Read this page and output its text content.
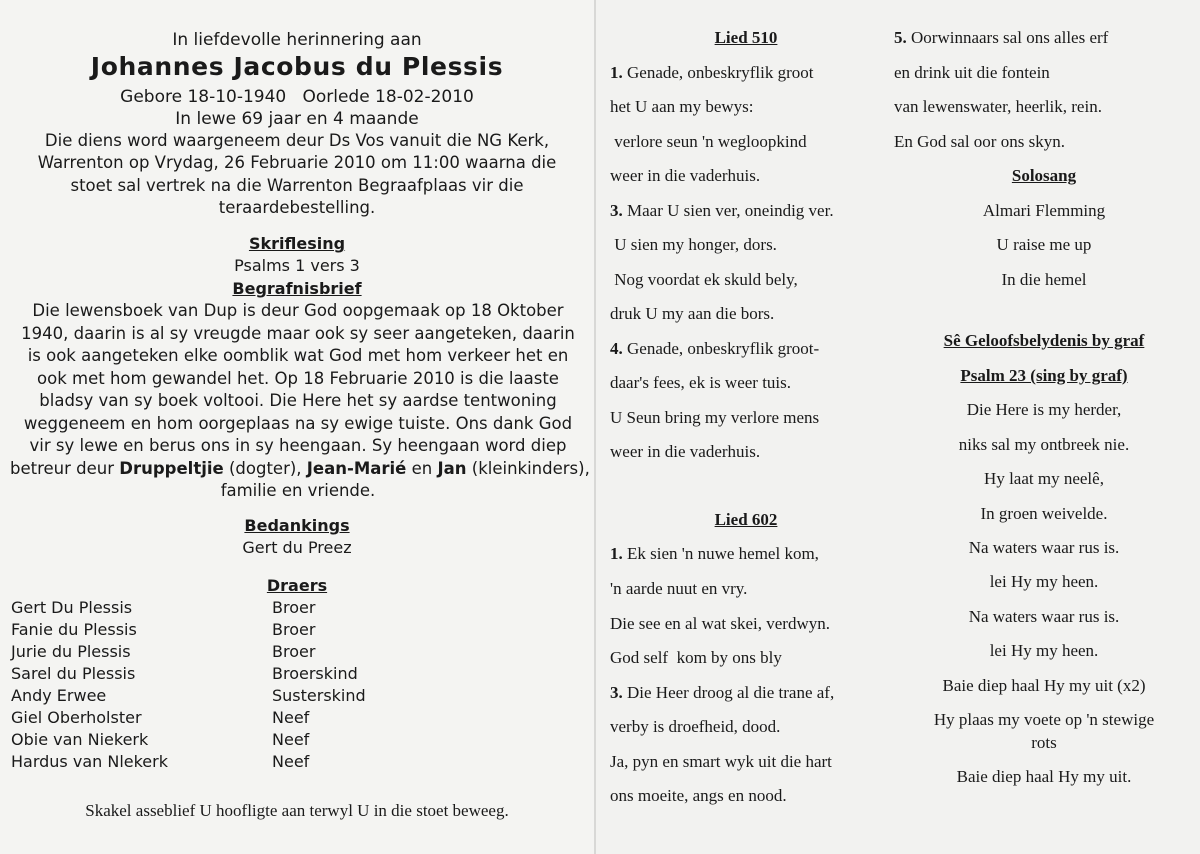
In liefdevolle herinnering aan
Johannes Jacobus du Plessis
Gebore 18-10-1940   Oorlede 18-02-2010
In lewe 69 jaar en 4 maande
Die diens word waargeneem deur Ds Vos vanuit die NG Kerk,
Warrenton op Vrydag, 26 Februarie 2010 om 11:00 waarna die
stoet sal vertrek na die Warrenton Begraafplaas vir die
teraardebestelling.
Skriflesing
Psalms 1 vers 3
Begrafnisbrief
Die lewensboek van Dup is deur God oopgemaak op 18 Oktober
1940, daarin is al sy vreugde maar ook sy seer aangeteken, daarin
is ook aangeteken elke oomblik wat God met hom verkeer het en
ook met hom gewandel het. Op 18 Februarie 2010 is die laaste
bladsy van sy boek voltooi. Die Here het sy aardse tentwoning
weggeneem en hom oorgeplaas na sy ewige tuiste. Ons dank God
vir sy lewe en berus ons in sy heengaan. Sy heengaan word diep
betreur deur Druppeltjie (dogter), Jean-Marié en Jan (kleinkinders),
familie en vriende.
Bedankings
Gert du Preez
Draers
Gert Du Plessis	Broer
Fanie du Plessis	Broer
Jurie du Plessis	Broer
Sarel du Plessis	Broerskind
Andy Erwee	Susterskind
Giel Oberholster	Neef
Obie van Niekerk	Neef
Hardus van Nlekerk	Neef
Skakel asseblief U hoofligte aan terwyl U in die stoet beweeg.
Lied 510
1. Genade, onbeskryflik groot
het U aan my bewys:
verlore seun 'n wegloopkind
weer in die vaderhuis.
3. Maar U sien ver, oneindig ver.
U sien my honger, dors.
Nog voordat ek skuld bely,
druk U my aan die bors.
4. Genade, onbeskryflik groot-
daar's fees, ek is weer tuis.
U Seun bring my verlore mens
weer in die vaderhuis.
Lied 602
1. Ek sien 'n nuwe hemel kom,
'n aarde nuut en vry.
Die see en al wat skei, verdwyn.
God self  kom by ons bly
3. Die Heer droog al die trane af,
verby is droefheid, dood.
Ja, pyn en smart wyk uit die hart
ons moeite, angs en nood.
5. Oorwinnaars sal ons alles erf
en drink uit die fontein
van lewenswater, heerlik, rein.
En God sal oor ons skyn.
Solosang
Almari Flemming
U raise me up
In die hemel
Sê Geloofsbelydenis by graf
Psalm 23 (sing by graf)
Die Here is my herder,
niks sal my ontbreek nie.
Hy laat my neelê,
In groen weivelde.
Na waters waar rus is.
lei Hy my heen.
Na waters waar rus is.
lei Hy my heen.
Baie diep haal Hy my uit (x2)
Hy plaas my voete op 'n stewige
rots
Baie diep haal Hy my uit.
